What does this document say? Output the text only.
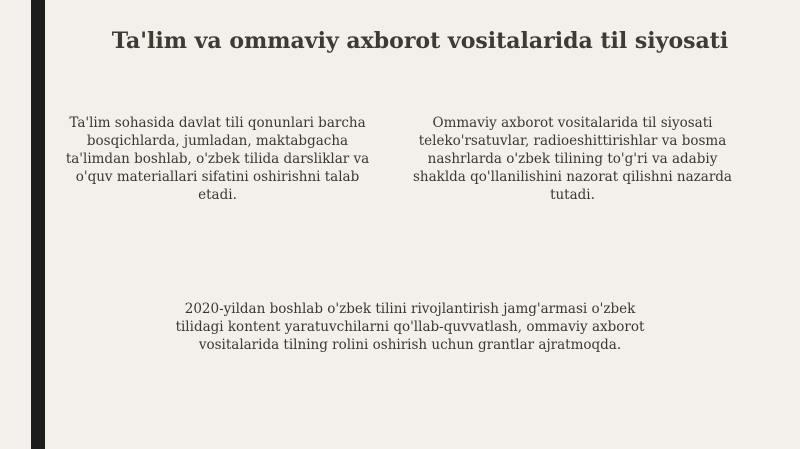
Ta'lim va ommaviy axborot vositalarida til siyosati

Ta'lim sohasida davlat tili qonunlari barcha bosqichlarda, jumladan, maktabgacha ta'limdan boshlab, o'zbek tilida darsliklar va o'quv materiallari sifatini oshirishni talab etadi.

Ommaviy axborot vositalarida til siyosati teleko'rsatuvlar, radioeshittirishlar va bosma nashrlarda o'zbek tilining to'g'ri va adabiy shaklda qo'llanilishini nazorat qilishni nazarda tutadi.

2020-yildan boshlab o'zbek tilini rivojlantirish jamg'armasi o'zbek tilidagi kontent yaratuvchilarni qo'llab-quvvatlash, ommaviy axborot vositalarida tilning rolini oshirish uchun grantlar ajratmoqda.
